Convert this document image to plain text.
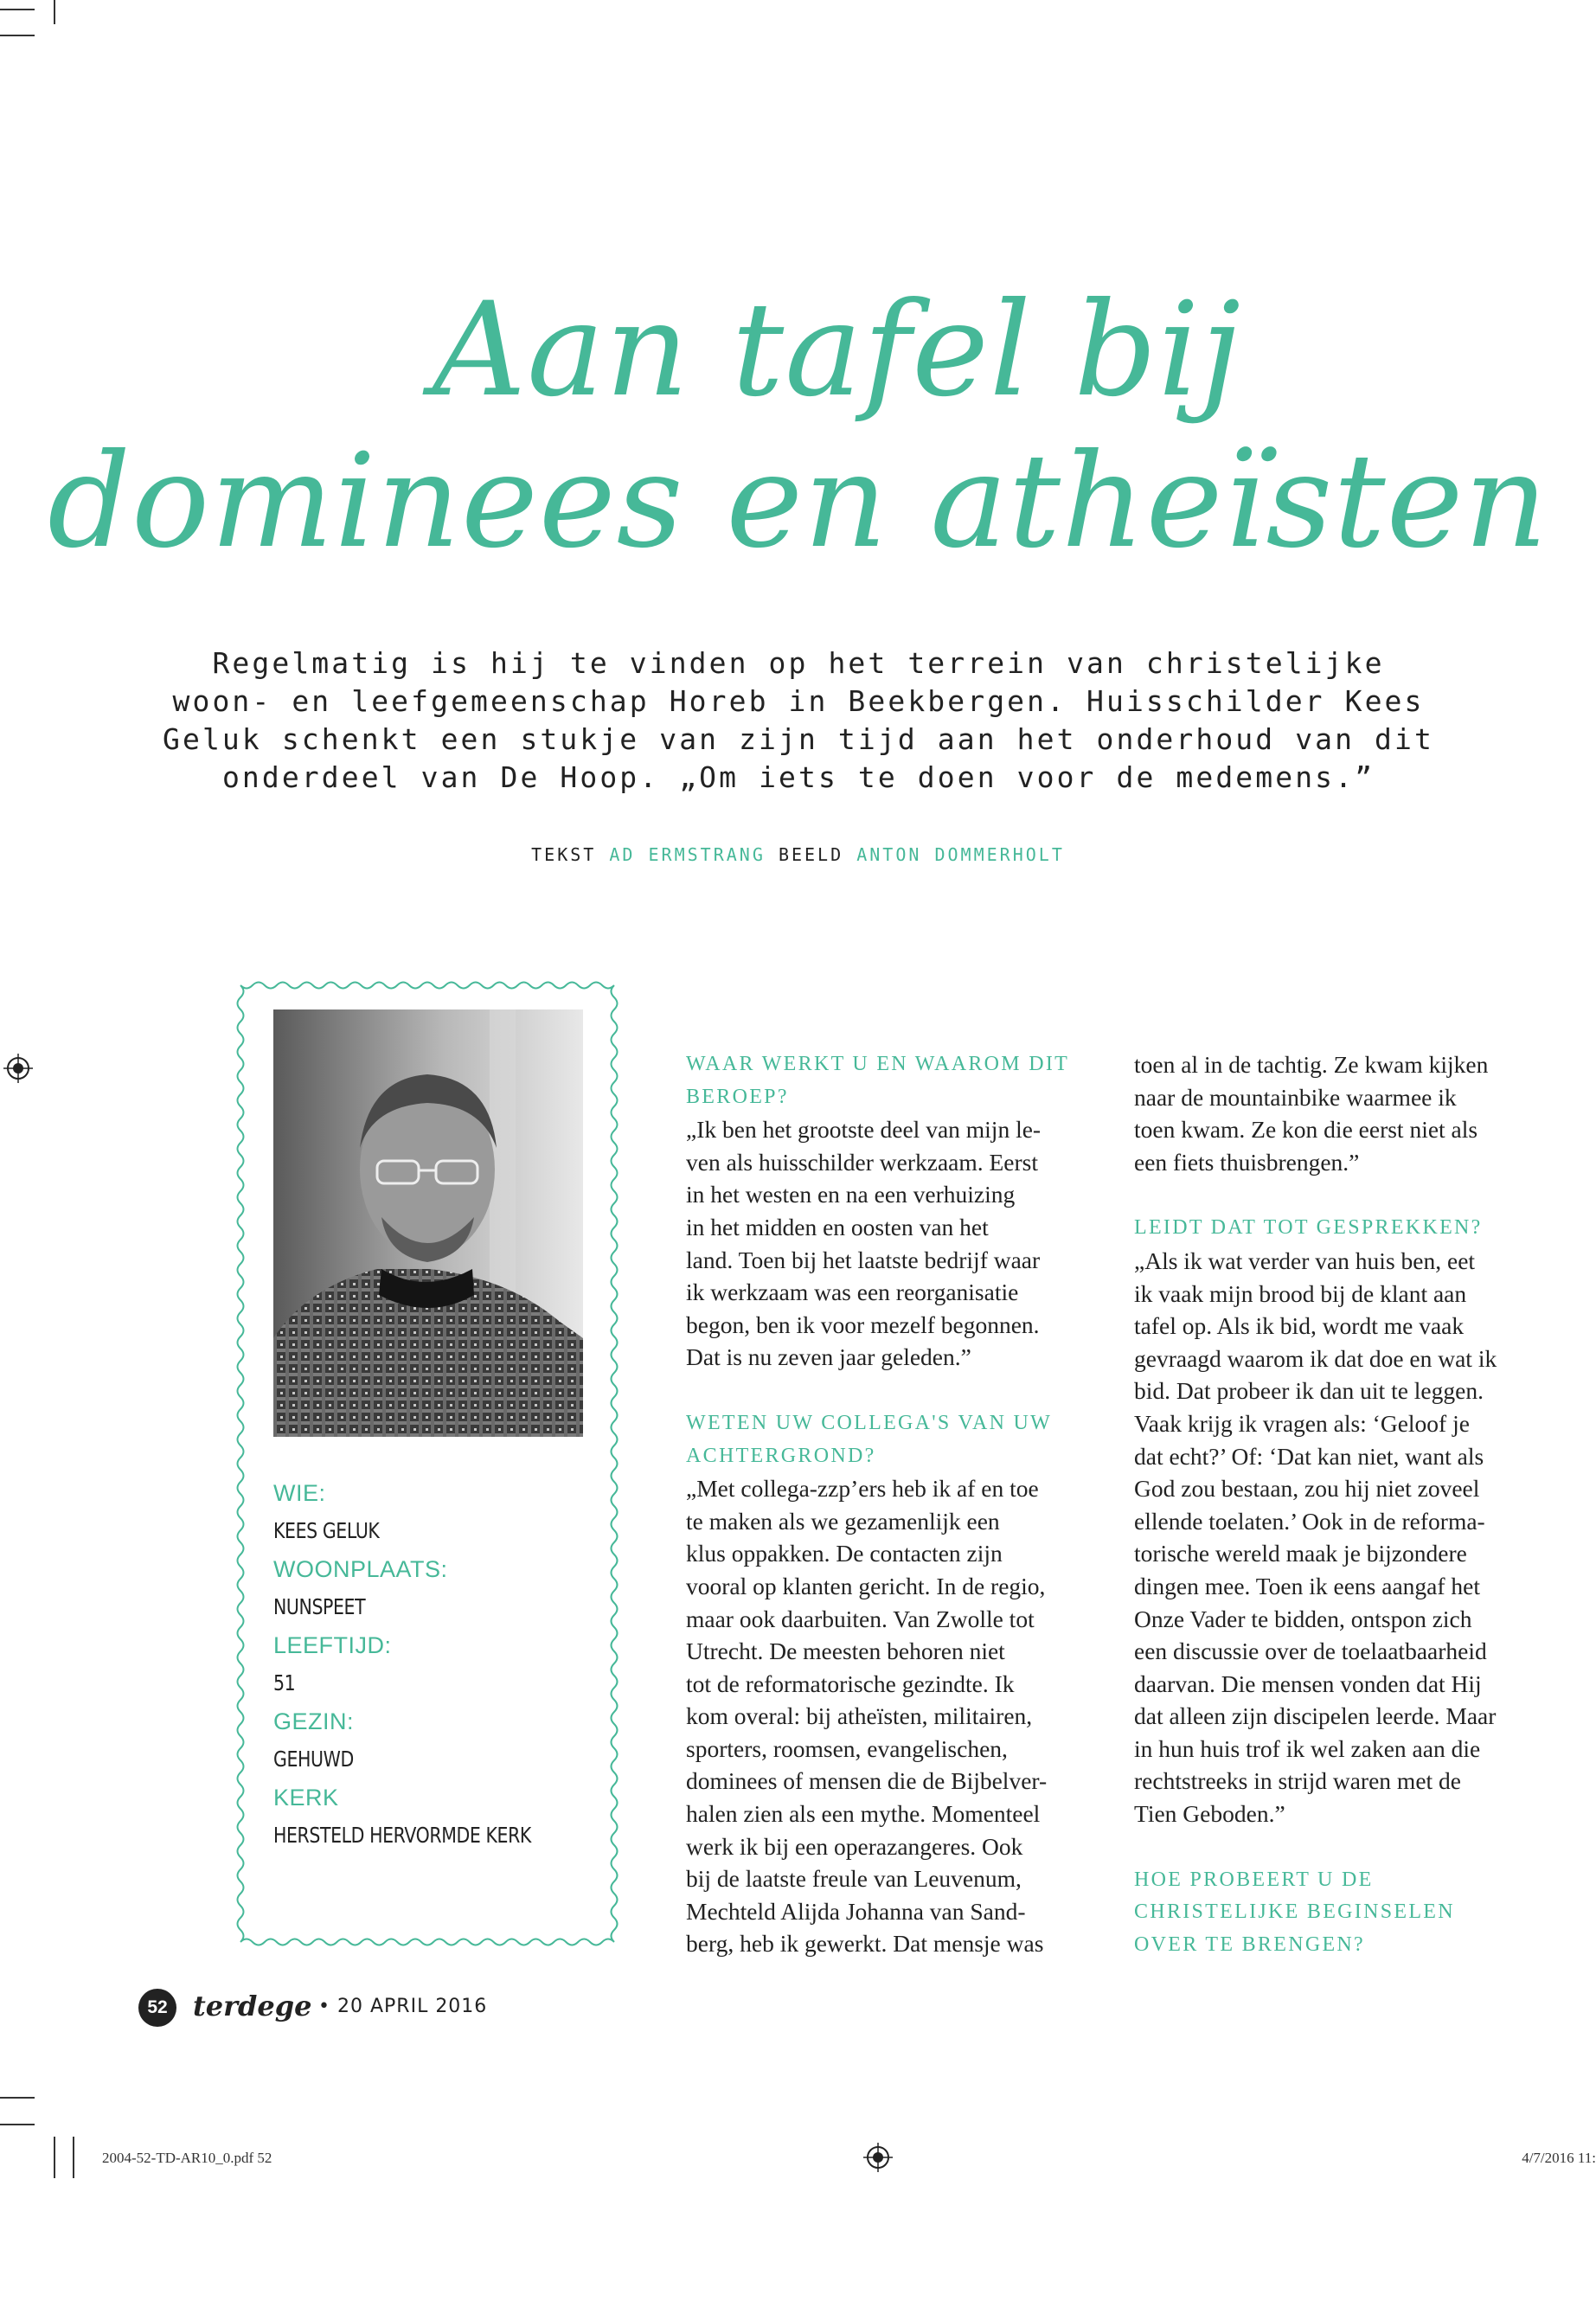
Aan tafel bij
dominees en atheïsten
Regelmatig is hij te vinden op het terrein van christelijke
woon- en leefgemeenschap Horeb in Beekbergen. Huisschilder Kees
Geluk schenkt een stukje van zijn tijd aan het onderhoud van dit
onderdeel van De Hoop. „Om iets te doen voor de medemens.”
TEKST AD ERMSTRANG BEELD ANTON DOMMERHOLT
WIE:
KEES GELUK
WOONPLAATS:
NUNSPEET
LEEFTIJD:
51
GEZIN:
GEHUWD
KERK
HERSTELD HERVORMDE KERK
WAAR WERKT U EN WAAROM DIT
BEROEP?
„Ik ben het grootste deel van mijn le-
ven als huisschilder werkzaam. Eerst
in het westen en na een verhuizing
in het midden en oosten van het
land. Toen bij het laatste bedrijf waar
ik werkzaam was een reorganisatie
begon, ben ik voor mezelf begonnen.
Dat is nu zeven jaar geleden.”
WETEN UW COLLEGA'S VAN UW
ACHTERGROND?
„Met collega-zzp’ers heb ik af en toe
te maken als we gezamenlijk een
klus oppakken. De contacten zijn
vooral op klanten gericht. In de regio,
maar ook daarbuiten. Van Zwolle tot
Utrecht. De meesten behoren niet
tot de reformatorische gezindte. Ik
kom overal: bij atheïsten, militairen,
sporters, roomsen, evangelischen,
dominees of mensen die de Bijbelver-
halen zien als een mythe. Momenteel
werk ik bij een operazangeres. Ook
bij de laatste freule van Leuvenum,
Mechteld Alijda Johanna van Sand-
berg, heb ik gewerkt. Dat mensje was
toen al in de tachtig. Ze kwam kijken
naar de mountainbike waarmee ik
toen kwam. Ze kon die eerst niet als
een fiets thuisbrengen.”
LEIDT DAT TOT GESPREKKEN?
„Als ik wat verder van huis ben, eet
ik vaak mijn brood bij de klant aan
tafel op. Als ik bid, wordt me vaak
gevraagd waarom ik dat doe en wat ik
bid. Dat probeer ik dan uit te leggen.
Vaak krijg ik vragen als: ‘Geloof je
dat echt?’ Of: ‘Dat kan niet, want als
God zou bestaan, zou hij niet zoveel
ellende toelaten.’ Ook in de reforma-
torische wereld maak je bijzondere
dingen mee. Toen ik eens aangaf het
Onze Vader te bidden, ontspon zich
een discussie over de toelaatbaarheid
daarvan. Die mensen vonden dat Hij
dat alleen zijn discipelen leerde. Maar
in hun huis trof ik wel zaken aan die
rechtstreeks in strijd waren met de
Tien Geboden.”
HOE PROBEERT U DE
CHRISTELIJKE BEGINSELEN
OVER TE BRENGEN?
52 terdege • 20 APRIL 2016
2004-52-TD-AR10_0.pdf 52	4/7/2016 11:
